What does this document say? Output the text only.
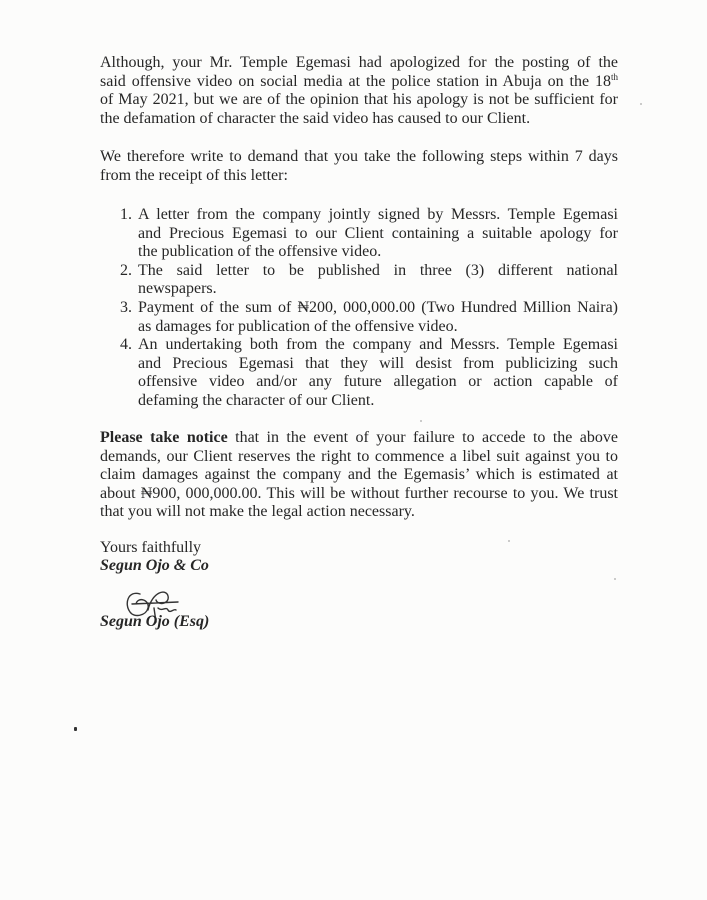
Although, your Mr. Temple Egemasi had apologized for the posting of the
said offensive video on social media at the police station in Abuja on the 18th
of May 2021, but we are of the opinion that his apology is not be sufficient for
the defamation of character the said video has caused to our Client.
We therefore write to demand that you take the following steps within 7 days
from the receipt of this letter:
1. A letter from the company jointly signed by Messrs. Temple Egemasi
and Precious Egemasi to our Client containing a suitable apology for
the publication of the offensive video.
2. The said letter to be published in three (3) different national
newspapers.
3. Payment of the sum of ₦200, 000,000.00 (Two Hundred Million Naira)
as damages for publication of the offensive video.
4. An undertaking both from the company and Messrs. Temple Egemasi
and Precious Egemasi that they will desist from publicizing such
offensive video and/or any future allegation or action capable of
defaming the character of our Client.
Please take notice that in the event of your failure to accede to the above
demands, our Client reserves the right to commence a libel suit against you to
claim damages against the company and the Egemasis’ which is estimated at
about ₦900, 000,000.00. This will be without further recourse to you. We trust
that you will not make the legal action necessary.
Yours faithfully
Segun Ojo & Co
Segun Ojo (Esq)
